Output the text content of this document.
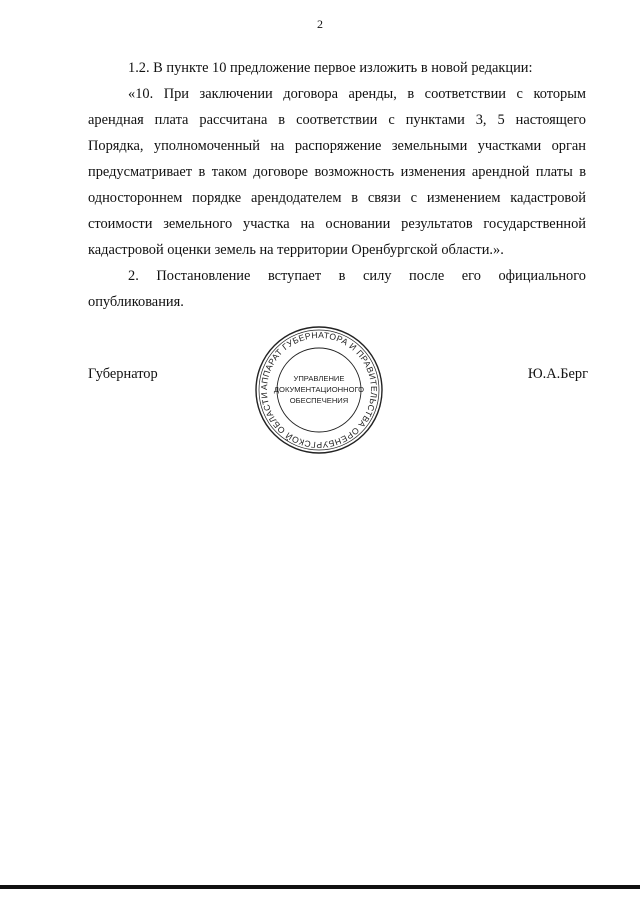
2
1.2. В пункте 10 предложение первое изложить в новой редакции:
«10. При заключении договора аренды, в соответствии с которым
арендная плата рассчитана в соответствии с пунктами 3, 5 настоящего
Порядка, уполномоченный на распоряжение земельными участками орган
предусматривает в таком договоре возможность изменения арендной платы в
одностороннем порядке арендодателем в связи с изменением кадастровой
стоимости земельного участка на основании результатов государственной
кадастровой оценки земель на территории Оренбургской области.».
2. Постановление вступает в силу после его официального
опубликования.
Губернатор	Ю.А.Берг
АППАРАТ ГУБЕРНАТОРА И ПРАВИТЕЛЬСТВА ОРЕНБУРГСКОЙ ОБЛАСТИ
УПРАВЛЕНИЕ
ДОКУМЕНТАЦИОННОГО
ОБЕСПЕЧЕНИЯ
